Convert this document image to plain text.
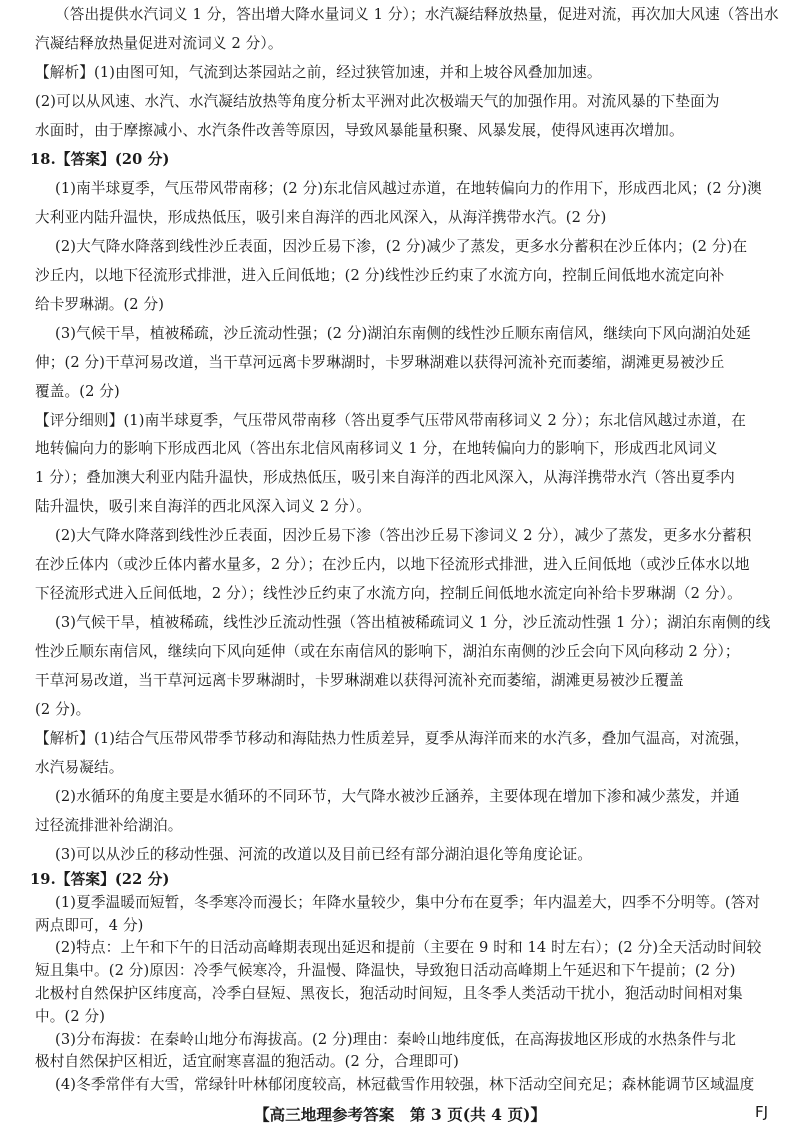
（答出提供水汽词义 1 分，答出增大降水量词义 1 分）；水汽凝结释放热量，促进对流，再次加大风速（答出水
汽凝结释放热量促进对流词义 2 分）。
【解析】(1)由图可知，气流到达茶园站之前，经过狭管加速，并和上坡谷风叠加加速。
(2)可以从风速、水汽、水汽凝结放热等角度分析太平洲对此次极端天气的加强作用。对流风暴的下垫面为
水面时，由于摩擦减小、水汽条件改善等原因，导致风暴能量积聚、风暴发展，使得风速再次增加。
18.【答案】(20 分)
(1)南半球夏季，气压带风带南移；(2 分)东北信风越过赤道，在地转偏向力的作用下，形成西北风；(2 分)澳
大利亚内陆升温快，形成热低压，吸引来自海洋的西北风深入，从海洋携带水汽。(2 分)
(2)大气降水降落到线性沙丘表面，因沙丘易下渗，(2 分)减少了蒸发，更多水分蓄积在沙丘体内；(2 分)在
沙丘内，以地下径流形式排泄，进入丘间低地；(2 分)线性沙丘约束了水流方向，控制丘间低地水流定向补
给卡罗琳湖。(2 分)
(3)气候干旱，植被稀疏，沙丘流动性强；(2 分)湖泊东南侧的线性沙丘顺东南信风，继续向下风向湖泊处延
伸；(2 分)干草河易改道，当干草河远离卡罗琳湖时，卡罗琳湖难以获得河流补充而萎缩，湖滩更易被沙丘
覆盖。(2 分)
【评分细则】(1)南半球夏季，气压带风带南移（答出夏季气压带风带南移词义 2 分）；东北信风越过赤道，在
地转偏向力的影响下形成西北风（答出东北信风南移词义 1 分，在地转偏向力的影响下，形成西北风词义
1 分）；叠加澳大利亚内陆升温快，形成热低压，吸引来自海洋的西北风深入，从海洋携带水汽（答出夏季内
陆升温快，吸引来自海洋的西北风深入词义 2 分）。
(2)大气降水降落到线性沙丘表面，因沙丘易下渗（答出沙丘易下渗词义 2 分），减少了蒸发，更多水分蓄积
在沙丘体内（或沙丘体内蓄水量多，2 分）；在沙丘内，以地下径流形式排泄，进入丘间低地（或沙丘体水以地
下径流形式进入丘间低地，2 分）；线性沙丘约束了水流方向，控制丘间低地水流定向补给卡罗琳湖（2 分）。
(3)气候干旱，植被稀疏，线性沙丘流动性强（答出植被稀疏词义 1 分，沙丘流动性强 1 分）；湖泊东南侧的线
性沙丘顺东南信风，继续向下风向延伸（或在东南信风的影响下，湖泊东南侧的沙丘会向下风向移动 2 分）；
干草河易改道，当干草河远离卡罗琳湖时，卡罗琳湖难以获得河流补充而萎缩，湖滩更易被沙丘覆盖
(2 分)。
【解析】(1)结合气压带风带季节移动和海陆热力性质差异，夏季从海洋而来的水汽多，叠加气温高，对流强，
水汽易凝结。
(2)水循环的角度主要是水循环的不同环节，大气降水被沙丘涵养，主要体现在增加下渗和减少蒸发，并通
过径流排泄补给湖泊。
(3)可以从沙丘的移动性强、河流的改道以及目前已经有部分湖泊退化等角度论证。
19.【答案】(22 分)
(1)夏季温暖而短暂，冬季寒冷而漫长；年降水量较少，集中分布在夏季；年内温差大，四季不分明等。(答对
两点即可，4 分)
(2)特点：上午和下午的日活动高峰期表现出延迟和提前（主要在 9 时和 14 时左右）；(2 分)全天活动时间较
短且集中。(2 分)原因：冷季气候寒冷，升温慢、降温快，导致狍日活动高峰期上午延迟和下午提前；(2 分)
北极村自然保护区纬度高，冷季白昼短、黑夜长，狍活动时间短，且冬季人类活动干扰小，狍活动时间相对集
中。(2 分)
(3)分布海拔：在秦岭山地分布海拔高。(2 分)理由：秦岭山地纬度低，在高海拔地区形成的水热条件与北
极村自然保护区相近，适宜耐寒喜温的狍活动。(2 分，合理即可)
(4)冬季常伴有大雪，常绿针叶林郁闭度较高，林冠截雪作用较强，林下活动空间充足；森林能调节区域温度
【高三地理参考答案　第 3 页(共 4 页)】	FJ
